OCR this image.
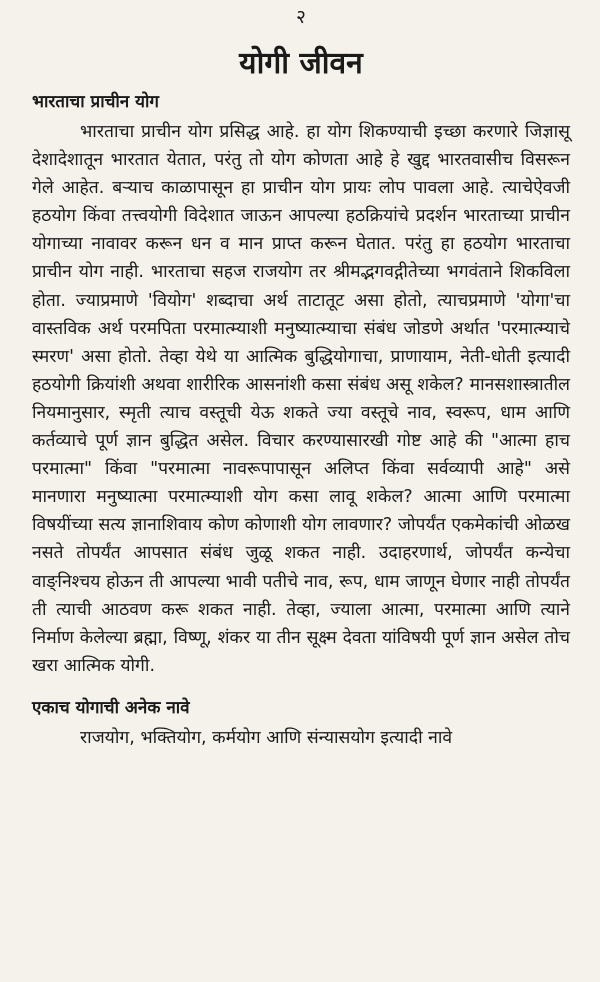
२
योगी जीवन
भारताचा प्राचीन योग

भारताचा प्राचीन योग प्रसिद्ध आहे. हा योग शिकण्याची इच्छा करणारे जिज्ञासू देशादेशातून भारतात येतात, परंतु तो योग कोणता आहे हे खुद्द भारतवासीच विसरून गेले आहेत. बऱ्याच काळापासून हा प्राचीन योग प्रायः लोप पावला आहे. त्याचेऐवजी हठयोग किंवा तत्त्वयोगी विदेशात जाऊन आपल्या हठक्रियांचे प्रदर्शन भारताच्या प्राचीन योगाच्या नावावर करून धन व मान प्राप्त करून घेतात. परंतु हा हठयोग भारताचा प्राचीन योग नाही. भारताचा सहज राजयोग तर श्रीमद्भगवद्गीतेच्या भगवंताने शिकविला होता. ज्याप्रमाणे 'वियोग' शब्दाचा अर्थ ताटातूट असा होतो, त्याचप्रमाणे 'योगा'चा वास्तविक अर्थ परमपिता परमात्म्याशी मनुष्यात्म्याचा संबंध जोडणे अर्थात 'परमात्म्याचे स्मरण' असा होतो. तेव्हा येथे या आत्मिक बुद्धियोगाचा, प्राणायाम, नेती-धोती इत्यादी हठयोगी क्रियांशी अथवा शारीरिक आसनांशी कसा संबंध असू शकेल? मानसशास्त्रातील नियमानुसार, स्मृती त्याच वस्तूची येऊ शकते ज्या वस्तूचे नाव, स्वरूप, धाम आणि कर्तव्याचे पूर्ण ज्ञान बुद्धित असेल. विचार करण्यासारखी गोष्ट आहे की "आत्मा हाच परमात्मा" किंवा "परमात्मा नावरूपापासून अलिप्त किंवा सर्वव्यापी आहे" असे मानणारा मनुष्यात्मा परमात्म्याशी योग कसा लावू शकेल? आत्मा आणि परमात्मा विषयींच्या सत्य ज्ञानाशिवाय कोण कोणाशी योग लावणार? जोपर्यंत एकमेकांची ओळख नसते तोपर्यंत आपसात संबंध जुळू शकत नाही. उदाहरणार्थ, जोपर्यंत कन्येचा वाङ्निश्चय होऊन ती आपल्या भावी पतीचे नाव, रूप, धाम जाणून घेणार नाही तोपर्यंत ती त्याची आठवण करू शकत नाही. तेव्हा, ज्याला आत्मा, परमात्मा आणि त्याने निर्माण केलेल्या ब्रह्मा, विष्णू, शंकर या तीन सूक्ष्म देवता यांविषयी पूर्ण ज्ञान असेल तोच खरा आत्मिक योगी.

एकाच योगाची अनेक नावे

राजयोग, भक्तियोग, कर्मयोग आणि संन्यासयोग इत्यादी नावे
